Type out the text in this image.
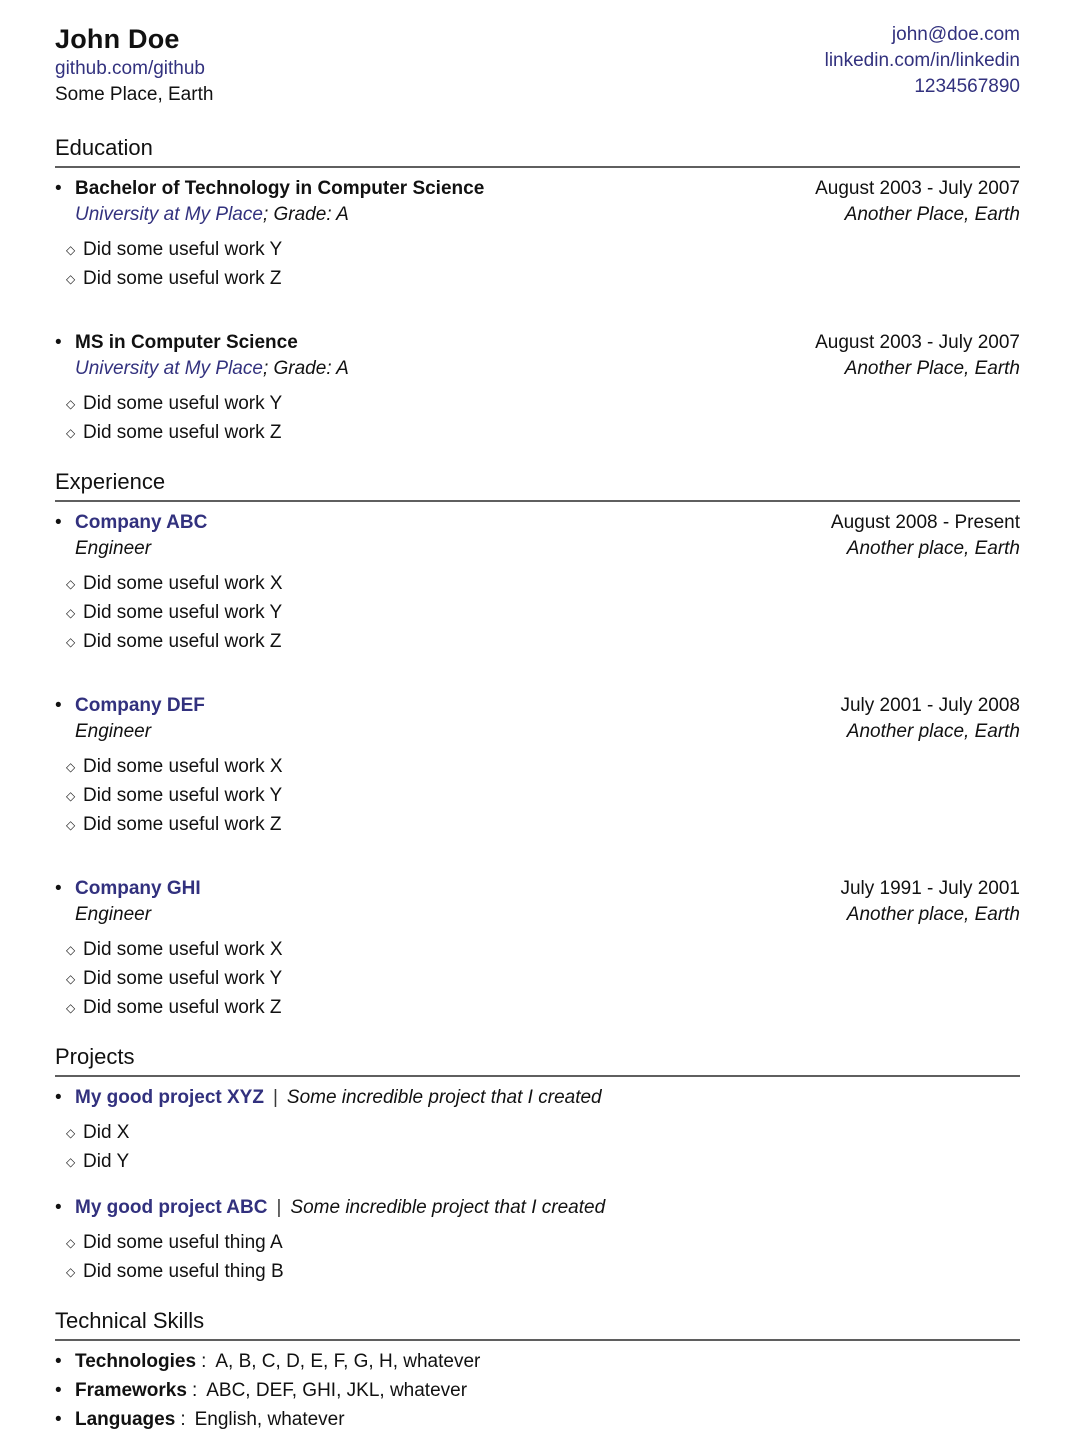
John Doe
github.com/github
Some Place, Earth
john@doe.com
linkedin.com/in/linkedin
1234567890
Education
•
Bachelor of Technology in Computer Science	August 2003 - July 2007
University at My Place; Grade: A	Another Place, Earth
◇ Did some useful work Y
◇ Did some useful work Z
•
MS in Computer Science	August 2003 - July 2007
University at My Place; Grade: A	Another Place, Earth
◇ Did some useful work Y
◇ Did some useful work Z
Experience
•
Company ABC	August 2008 - Present
Engineer	Another place, Earth
◇ Did some useful work X
◇ Did some useful work Y
◇ Did some useful work Z
•
Company DEF	July 2001 - July 2008
Engineer	Another place, Earth
◇ Did some useful work X
◇ Did some useful work Y
◇ Did some useful work Z
•
Company GHI	July 1991 - July 2001
Engineer	Another place, Earth
◇ Did some useful work X
◇ Did some useful work Y
◇ Did some useful work Z
Projects
•
My good project XYZ | Some incredible project that I created
◇ Did X
◇ Did Y
•
My good project ABC | Some incredible project that I created
◇ Did some useful thing A
◇ Did some useful thing B
Technical Skills
•
Technologies : A, B, C, D, E, F, G, H, whatever
•
Frameworks : ABC, DEF, GHI, JKL, whatever
•
Languages : English, whatever
